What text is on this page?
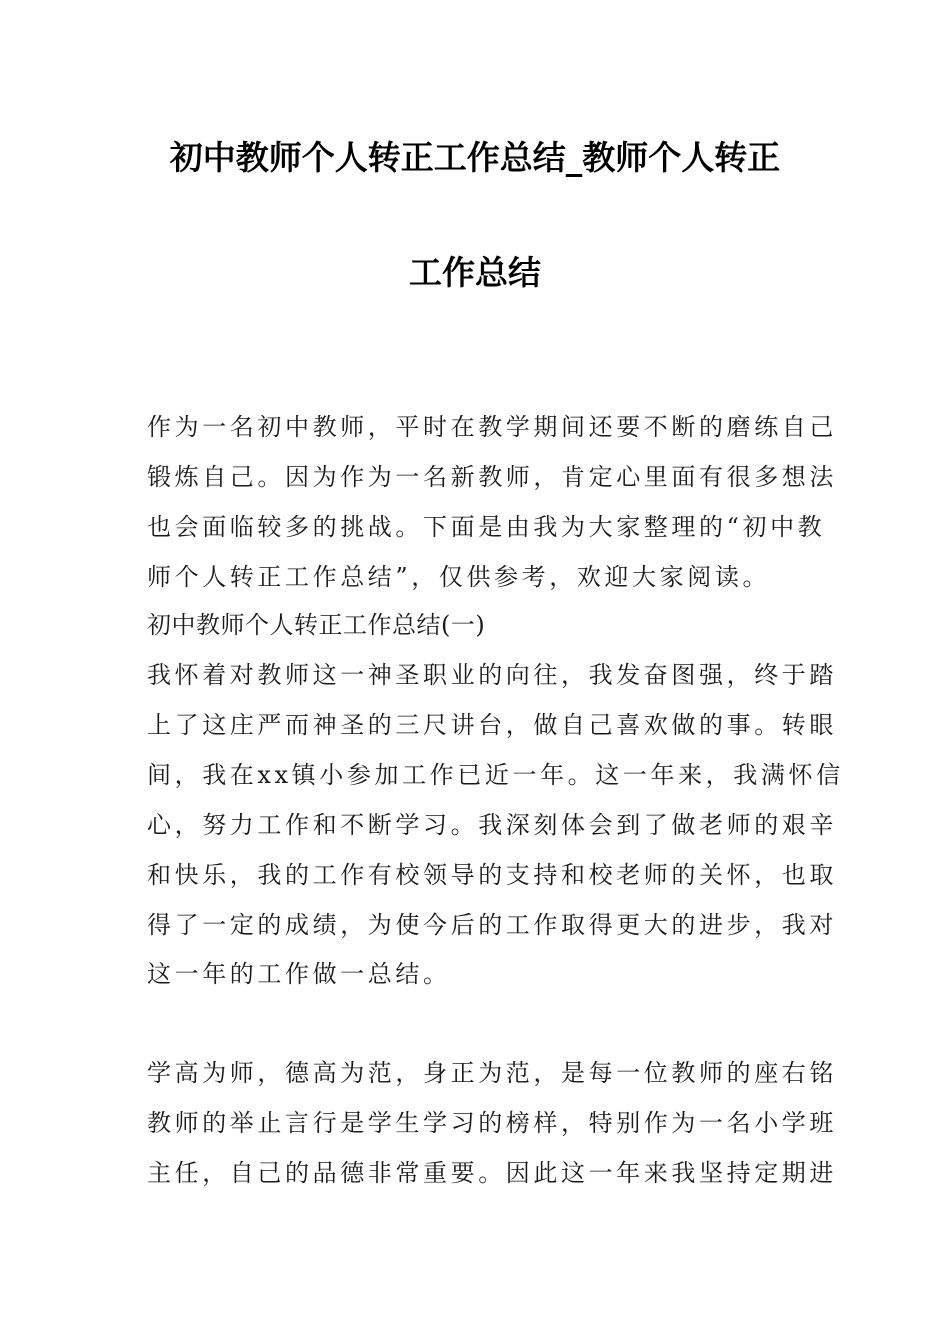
初中教师个人转正工作总结_教师个人转正
工作总结
作为一名初中教师，平时在教学期间还要不断的磨练自己
锻炼自己。因为作为一名新教师，肯定心里面有很多想法
也会面临较多的挑战。下面是由我为大家整理的“初中教
师个人转正工作总结”，仅供参考，欢迎大家阅读。
初中教师个人转正工作总结(一)
我怀着对教师这一神圣职业的向往，我发奋图强，终于踏
上了这庄严而神圣的三尺讲台，做自己喜欢做的事。转眼
间，我在xx镇小参加工作已近一年。这一年来，我满怀信
心，努力工作和不断学习。我深刻体会到了做老师的艰辛
和快乐，我的工作有校领导的支持和校老师的关怀，也取
得了一定的成绩，为使今后的工作取得更大的进步，我对
这一年的工作做一总结。
学高为师，德高为范，身正为范，是每一位教师的座右铭
教师的举止言行是学生学习的榜样，特别作为一名小学班
主任，自己的品德非常重要。因此这一年来我坚持定期进
